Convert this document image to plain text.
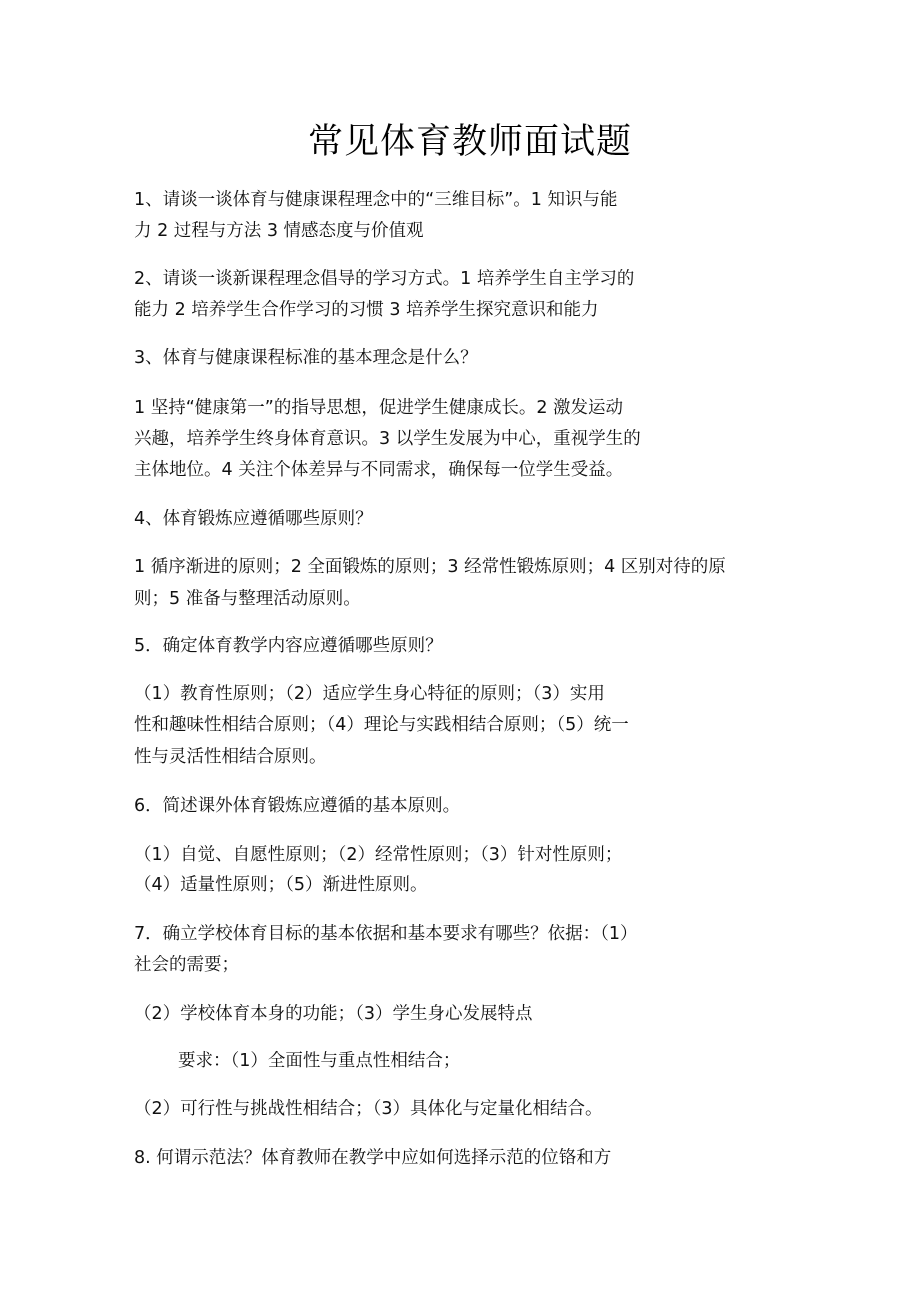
常见体育教师面试题
1、请谈一谈体育与健康课程理念中的“三维目标”。1 知识与能
力 2 过程与方法 3 情感态度与价值观
2、请谈一谈新课程理念倡导的学习方式。1 培养学生自主学习的
能力 2 培养学生合作学习的习惯 3 培养学生探究意识和能力
3、体育与健康课程标准的基本理念是什么？
1 坚持“健康第一”的指导思想，促进学生健康成长。2 激发运动
兴趣，培养学生终身体育意识。3 以学生发展为中心，重视学生的
主体地位。4 关注个体差异与不同需求，确保每一位学生受益。
4、体育锻炼应遵循哪些原则？
1 循序渐进的原则；2 全面锻炼的原则；3 经常性锻炼原则；4 区别对待的原
则；5 准备与整理活动原则。
5．确定体育教学内容应遵循哪些原则？
（1）教育性原则；（2）适应学生身心特征的原则；（3）实用
性和趣味性相结合原则；（4）理论与实践相结合原则；（5）统一
性与灵活性相结合原则。
6．简述课外体育锻炼应遵循的基本原则。
（1）自觉、自愿性原则；（2）经常性原则；（3）针对性原则；
（4）适量性原则；（5）渐进性原则。
7．确立学校体育目标的基本依据和基本要求有哪些？依据：（1）
社会的需要；
（2）学校体育本身的功能；（3）学生身心发展特点
要求：（1）全面性与重点性相结合；
（2）可行性与挑战性相结合；（3）具体化与定量化相结合。
8. 何谓示范法？体育教师在教学中应如何选择示范的位铬和方
